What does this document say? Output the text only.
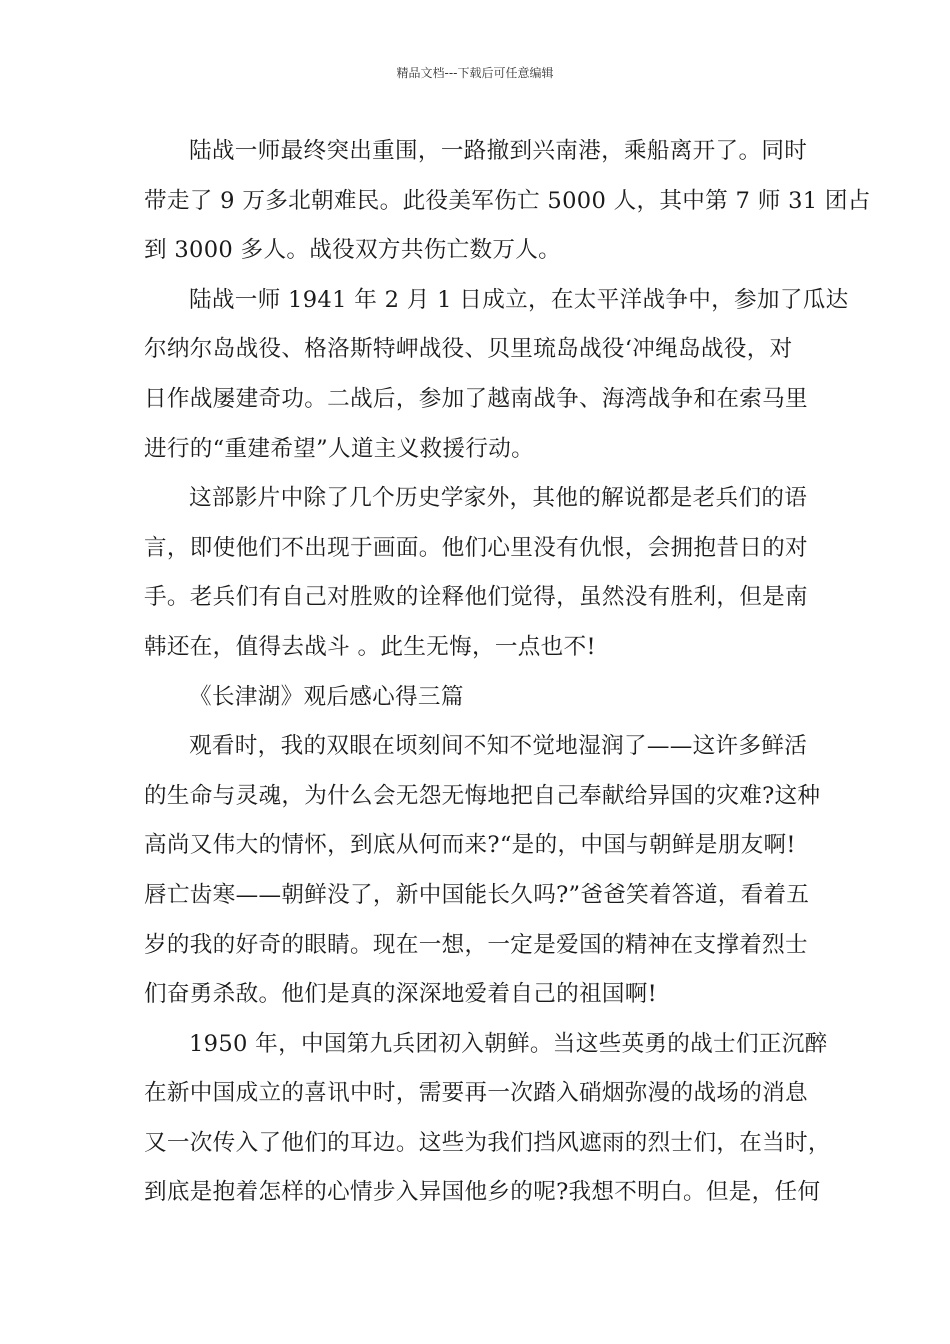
精品文档---下载后可任意编辑

陆战一师最终突出重围，一路撤到兴南港，乘船离开了。同时

带走了 9 万多北朝难民。此役美军伤亡 5000 人，其中第 7 师 31 团占

到 3000 多人。战役双方共伤亡数万人。

陆战一师 1941 年 2 月 1 日成立，在太平洋战争中，参加了瓜达

尔纳尔岛战役、格洛斯特岬战役、贝里琉岛战役‘冲绳岛战役，对

日作战屡建奇功。二战后，参加了越南战争、海湾战争和在索马里

进行的“重建希望”人道主义救援行动。

这部影片中除了几个历史学家外，其他的解说都是老兵们的语

言，即使他们不出现于画面。他们心里没有仇恨，会拥抱昔日的对

手。老兵们有自己对胜败的诠释他们觉得，虽然没有胜利，但是南

韩还在，值得去战斗 。此生无悔，一点也不!

《长津湖》观后感心得三篇

观看时，我的双眼在顷刻间不知不觉地湿润了——这许多鲜活

的生命与灵魂，为什么会无怨无悔地把自己奉献给异国的灾难?这种

高尚又伟大的情怀，到底从何而来?“是的，中国与朝鲜是朋友啊!

唇亡齿寒——朝鲜没了，新中国能长久吗?”爸爸笑着答道，看着五

岁的我的好奇的眼睛。现在一想，一定是爱国的精神在支撑着烈士

们奋勇杀敌。他们是真的深深地爱着自己的祖国啊!

1950 年，中国第九兵团初入朝鲜。当这些英勇的战士们正沉醉

在新中国成立的喜讯中时，需要再一次踏入硝烟弥漫的战场的消息

又一次传入了他们的耳边。这些为我们挡风遮雨的烈士们，在当时，

到底是抱着怎样的心情步入异国他乡的呢?我想不明白。但是，任何
